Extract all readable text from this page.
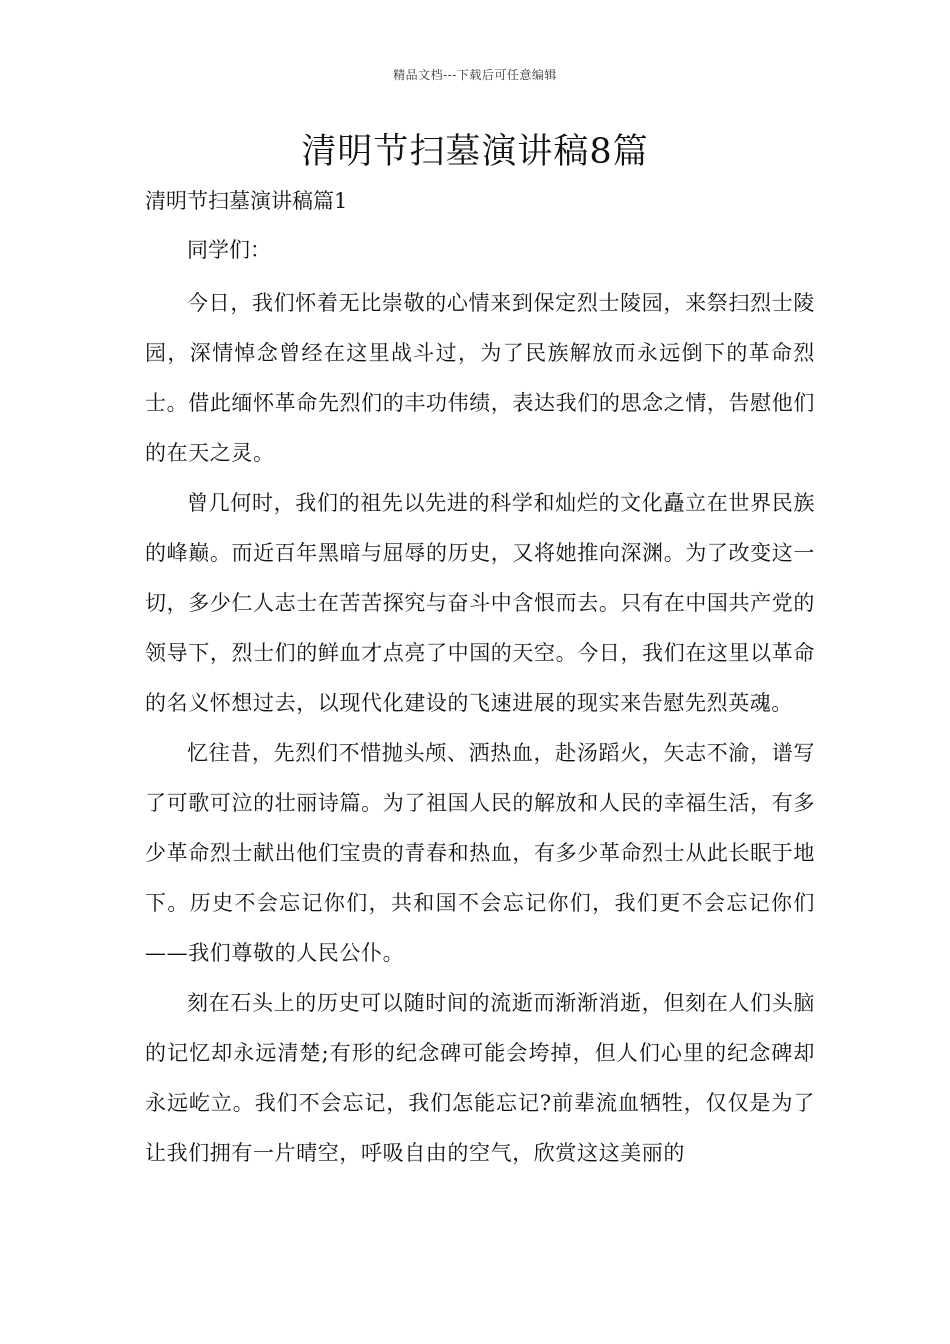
精品文档---下载后可任意编辑
清明节扫墓演讲稿8篇
清明节扫墓演讲稿篇1

同学们：

今日，我们怀着无比崇敬的心情来到保定烈士陵园，来祭扫烈士陵园，深情悼念曾经在这里战斗过，为了民族解放而永远倒下的革命烈士。借此缅怀革命先烈们的丰功伟绩，表达我们的思念之情，告慰他们的在天之灵。

曾几何时，我们的祖先以先进的科学和灿烂的文化矗立在世界民族的峰巅。而近百年黑暗与屈辱的历史，又将她推向深渊。为了改变这一切，多少仁人志士在苦苦探究与奋斗中含恨而去。只有在中国共产党的领导下，烈士们的鲜血才点亮了中国的天空。今日，我们在这里以革命的名义怀想过去，以现代化建设的飞速进展的现实来告慰先烈英魂。

忆往昔，先烈们不惜抛头颅、洒热血，赴汤蹈火，矢志不渝，谱写了可歌可泣的壮丽诗篇。为了祖国人民的解放和人民的幸福生活，有多少革命烈士献出他们宝贵的青春和热血，有多少革命烈士从此长眠于地下。历史不会忘记你们，共和国不会忘记你们，我们更不会忘记你们——我们尊敬的人民公仆。

刻在石头上的历史可以随时间的流逝而渐渐消逝，但刻在人们头脑的记忆却永远清楚;有形的纪念碑可能会垮掉，但人们心里的纪念碑却永远屹立。我们不会忘记，我们怎能忘记?前辈流血牺牲，仅仅是为了让我们拥有一片晴空，呼吸自由的空气，欣赏这这美丽的
